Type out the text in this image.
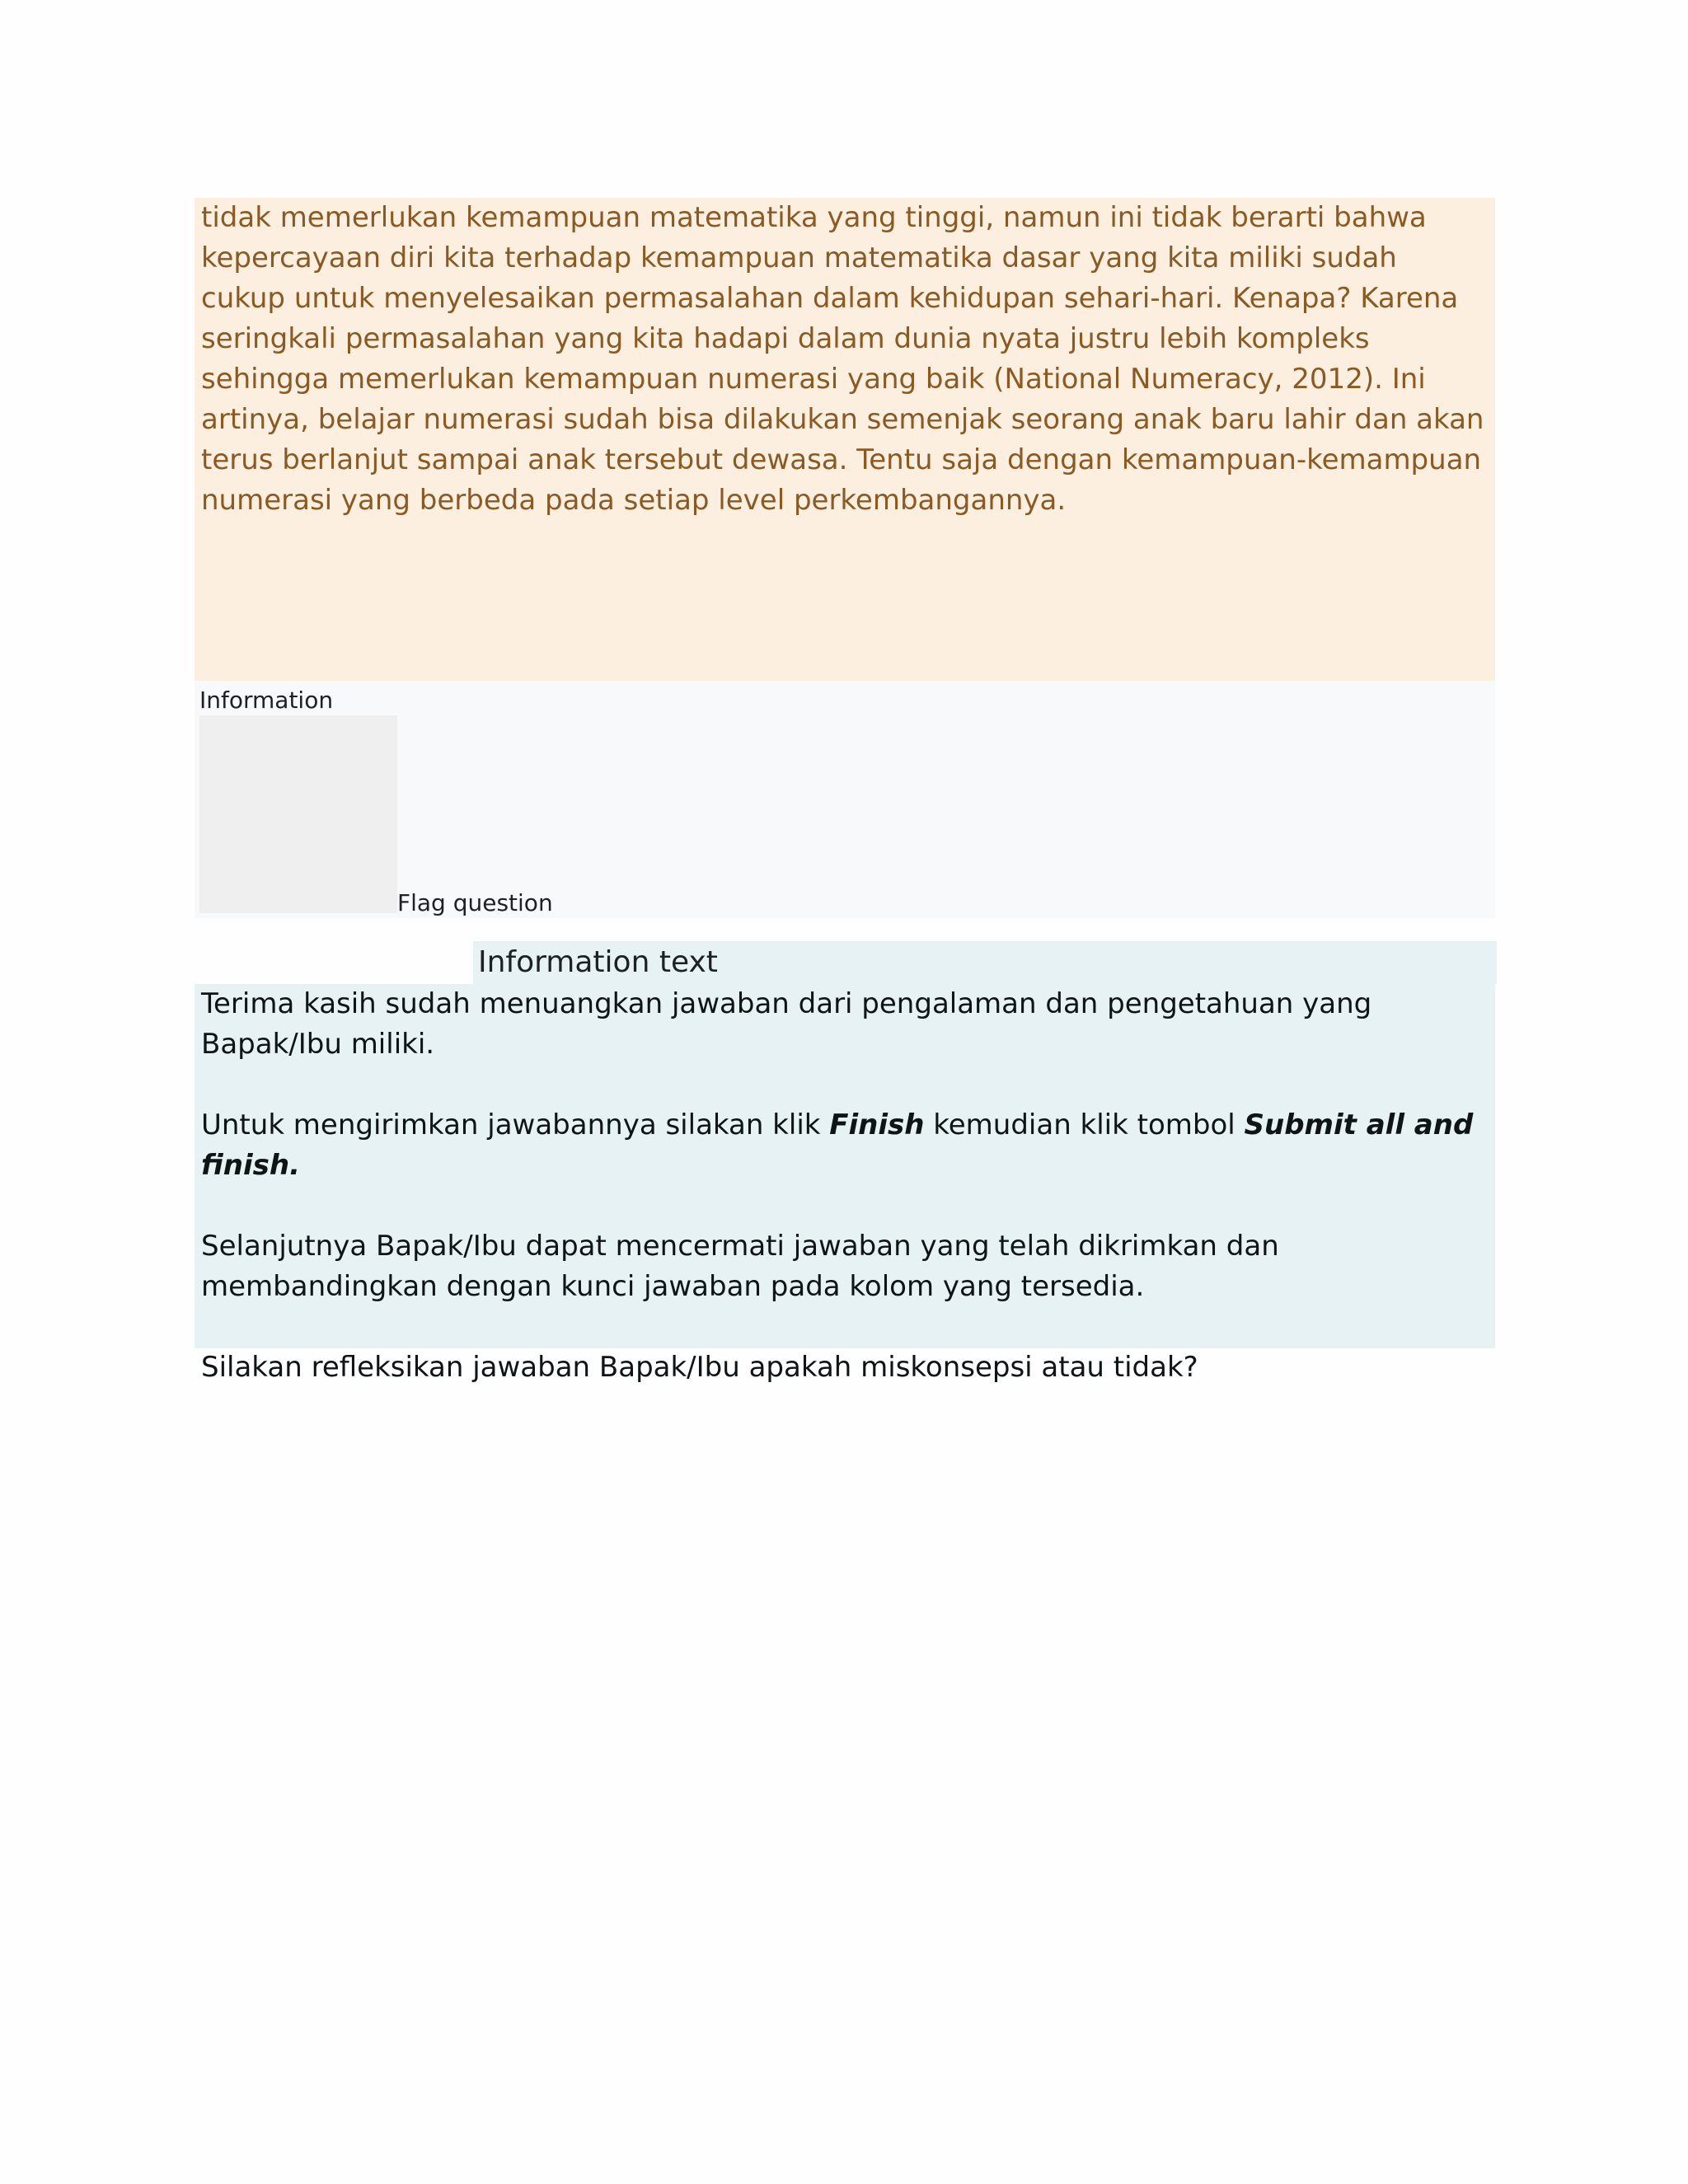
tidak memerlukan kemampuan matematika yang tinggi, namun ini tidak berarti bahwa kepercayaan diri kita terhadap kemampuan matematika dasar yang kita miliki sudah cukup untuk menyelesaikan permasalahan dalam kehidupan sehari-hari. Kenapa? Karena seringkali permasalahan yang kita hadapi dalam dunia nyata justru lebih kompleks sehingga memerlukan kemampuan numerasi yang baik (National Numeracy, 2012). Ini artinya, belajar numerasi sudah bisa dilakukan semenjak seorang anak baru lahir dan akan terus berlanjut sampai anak tersebut dewasa. Tentu saja dengan kemampuan-kemampuan numerasi yang berbeda pada setiap level perkembangannya.
Information
Flag question
Information text

Terima kasih sudah menuangkan jawaban dari pengalaman dan pengetahuan yang Bapak/Ibu miliki.

Untuk mengirimkan jawabannya silakan klik Finish kemudian klik tombol Submit all and finish.

Selanjutnya Bapak/Ibu dapat mencermati jawaban yang telah dikrimkan dan membandingkan dengan kunci jawaban pada kolom yang tersedia.

Silakan refleksikan jawaban Bapak/Ibu apakah miskonsepsi atau tidak?
